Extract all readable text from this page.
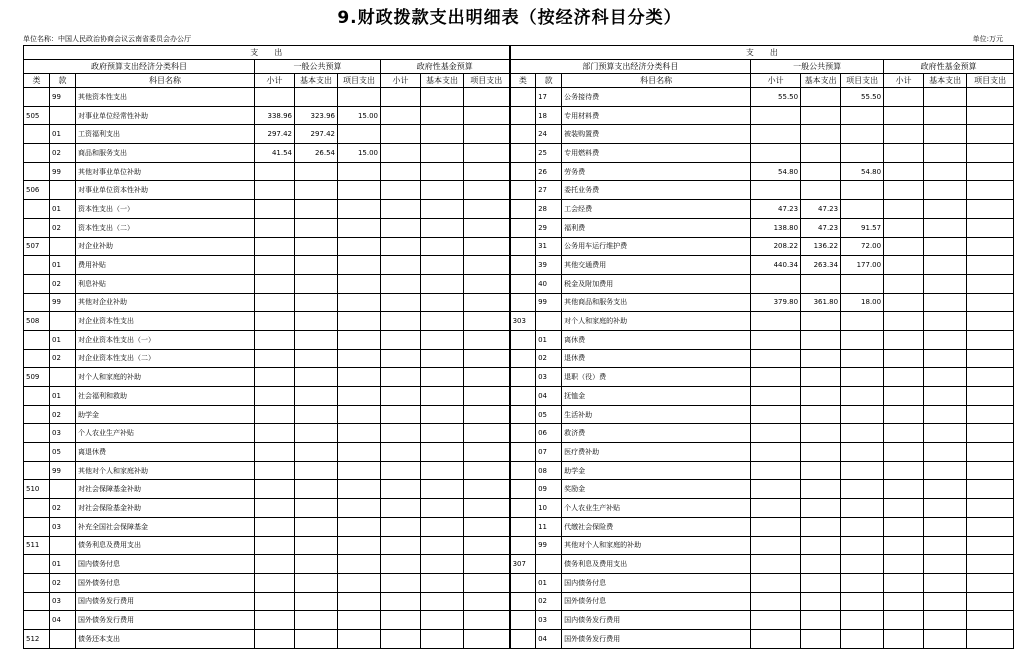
9.财政拨款支出明细表（按经济科目分类）
单位名称：中国人民政治协商会议云南省委员会办公厅	单位:万元
支　　出									支　　出								
政府预算支出经济分类科目			一般公共预算			政府性基金预算			部门预算支出经济分类科目			一般公共预算			政府性基金预算		
类	款	科目名称	小计	基本支出	项目支出	小计	基本支出	项目支出	类	款	科目名称	小计	基本支出	项目支出	小计	基本支出	项目支出
	99	其他资本性支出								17	公务接待费	55.50		55.50			
505		对事业单位经常性补助	338.96	323.96	15.00					18	专用材料费						
	01	工资福利支出	297.42	297.42						24	被装购置费						
	02	商品和服务支出	41.54	26.54	15.00					25	专用燃料费						
	99	其他对事业单位补助								26	劳务费	54.80		54.80			
506		对事业单位资本性补助								27	委托业务费						
	01	资本性支出（一）								28	工会经费	47.23	47.23				
	02	资本性支出（二）								29	福利费	138.80	47.23	91.57			
507		对企业补助								31	公务用车运行维护费	208.22	136.22	72.00			
	01	费用补贴								39	其他交通费用	440.34	263.34	177.00			
	02	利息补贴								40	税金及附加费用						
	99	其他对企业补助								99	其他商品和服务支出	379.80	361.80	18.00			
508		对企业资本性支出							303		对个人和家庭的补助						
	01	对企业资本性支出（一）								01	离休费						
	02	对企业资本性支出（二）								02	退休费						
509		对个人和家庭的补助								03	退职（役）费						
	01	社会福利和救助								04	抚恤金						
	02	助学金								05	生活补助						
	03	个人农业生产补贴								06	救济费						
	05	离退休费								07	医疗费补助						
	99	其他对个人和家庭补助								08	助学金						
510		对社会保障基金补助								09	奖励金						
	02	对社会保险基金补助								10	个人农业生产补贴						
	03	补充全国社会保障基金								11	代缴社会保险费						
511		债务利息及费用支出								99	其他对个人和家庭的补助						
	01	国内债务付息							307		债务利息及费用支出						
	02	国外债务付息								01	国内债务付息						
	03	国内债务发行费用								02	国外债务付息						
	04	国外债务发行费用								03	国内债务发行费用						
512		债务还本支出								04	国外债务发行费用						
